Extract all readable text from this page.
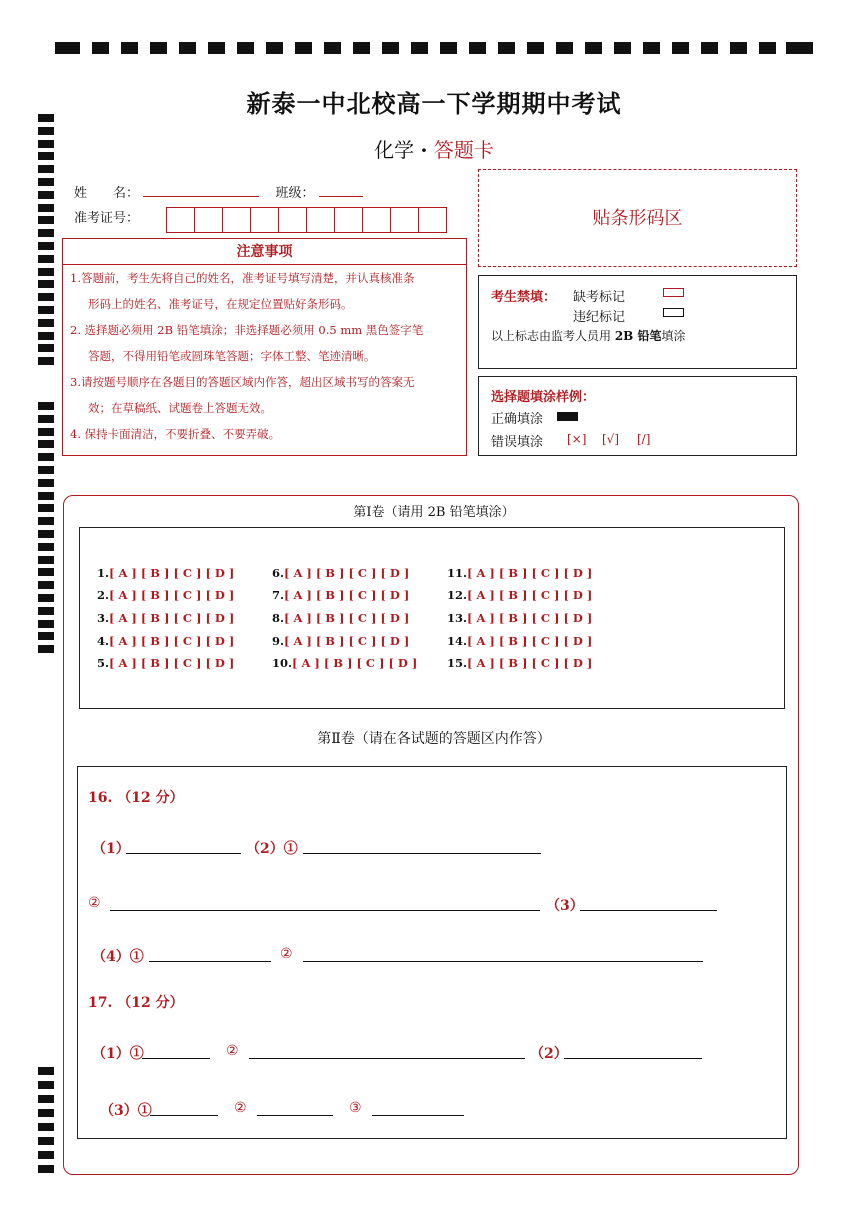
新泰一中北校高一下学期期中考试
化学 · 答题卡
姓　　名：	班级：
准考证号：	贴条形码区
注意事项
1.答题前，考生先将自己的姓名，准考证号填写清楚，并认真核准条
形码上的姓名、准考证号，在规定位置贴好条形码。
2. 选择题必须用 2B 铅笔填涂；非选择题必须用 0.5 mm 黑色签字笔
答题，不得用铅笔或圆珠笔答题；字体工整、笔迹清晰。
3.请按题号顺序在各题目的答题区域内作答，超出区域书写的答案无
效；在草稿纸、试题卷上答题无效。
4. 保持卡面清洁，不要折叠、不要弄破。
考生禁填： 缺考标记
违纪标记
以上标志由监考人员用 2B 铅笔填涂
选择题填涂样例：
正确填涂
错误填涂 [×] [√] [/]
第Ⅰ卷（请用 2B 铅笔填涂）
1.[ A ] [ B ] [ C ] [ D ]
2.[ A ] [ B ] [ C ] [ D ]
3.[ A ] [ B ] [ C ] [ D ]
4.[ A ] [ B ] [ C ] [ D ]
5.[ A ] [ B ] [ C ] [ D ]
6.[ A ] [ B ] [ C ] [ D ]
7.[ A ] [ B ] [ C ] [ D ]
8.[ A ] [ B ] [ C ] [ D ]
9.[ A ] [ B ] [ C ] [ D ]
10.[ A ] [ B ] [ C ] [ D ]
11.[ A ] [ B ] [ C ] [ D ]
12.[ A ] [ B ] [ C ] [ D ]
13.[ A ] [ B ] [ C ] [ D ]
14.[ A ] [ B ] [ C ] [ D ]
15.[ A ] [ B ] [ C ] [ D ]
第Ⅱ卷（请在各试题的答题区内作答）
16. （12 分）
（1）	（2）①
②	（3）
（4）①	②
17. （12 分）
（1）①	②	（2）
（3）①	②	③
